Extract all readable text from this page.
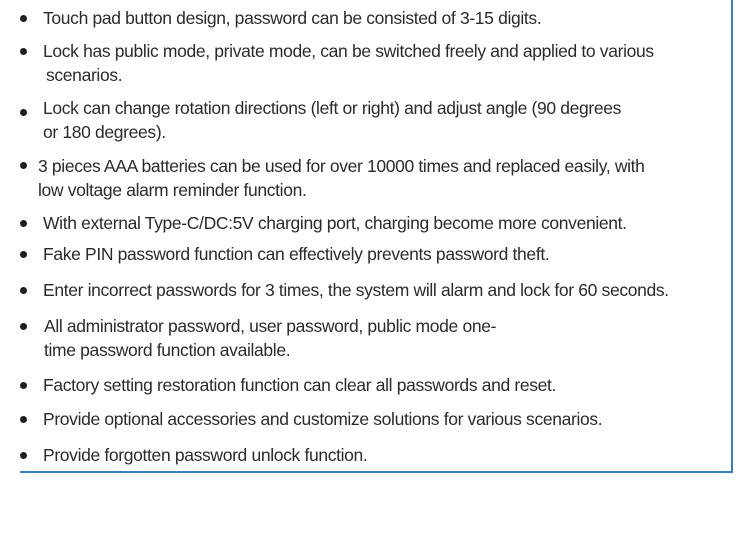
Touch pad button design, password can be consisted of 3-15 digits.
Lock has public mode, private mode, can be switched freely and applied to various
scenarios.
Lock can change rotation directions (left or right) and adjust angle (90 degrees
or 180 degrees).
3 pieces AAA batteries can be used for over 10000 times and replaced easily, with
low voltage alarm reminder function.
With external Type-C/DC:5V charging port, charging become more convenient.
Fake PIN password function can effectively prevents password theft.
Enter incorrect passwords for 3 times, the system will alarm and lock for 60 seconds.
All administrator password, user password, public mode one-
time password function available.
Factory setting restoration function can clear all passwords and reset.
Provide optional accessories and customize solutions for various scenarios.
Provide forgotten password unlock function.
